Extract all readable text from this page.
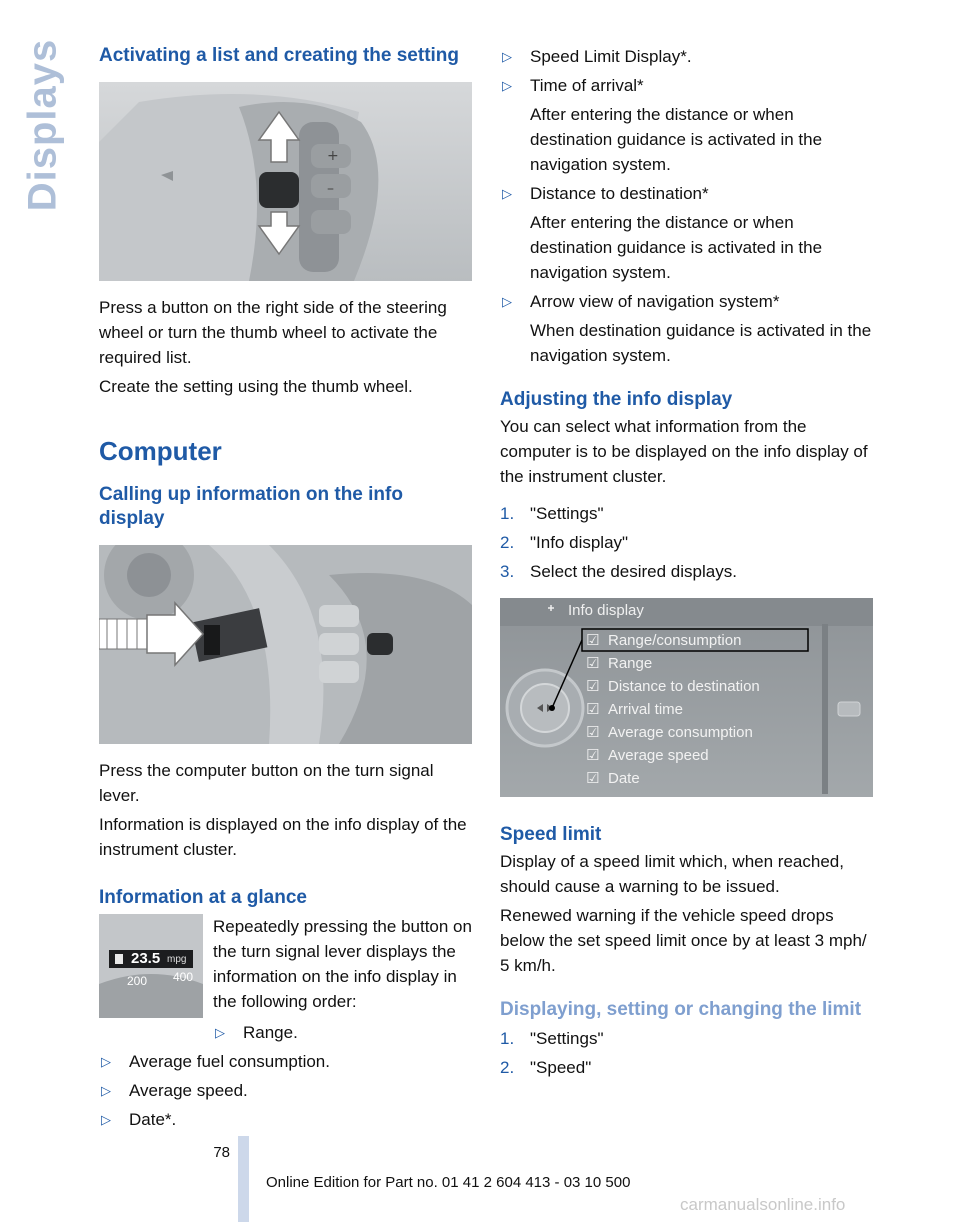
Displays Activating a list and creating the setting
+
–

Press a button on the right side of the steering wheel or turn the thumb wheel to activate the required list.

Create the setting using the thumb wheel.

Computer
Calling up information on the info display

Press the computer button on the turn signal lever.

Information is displayed on the info display of the instrument cluster.

Information at a glance
23.5 mpg
200 400

Repeatedly pressing the button on the turn signal lever displays the information on the info display in the following order:

▷ Range.
▷ Average fuel consumption.
▷ Average speed.
▷ Date*.
▷ Speed Limit Display*.
▷ Time of arrival*
After entering the distance or when destination guidance is activated in the navigation system.
▷ Distance to destination*
After entering the distance or when destination guidance is activated in the navigation system.
▷ Arrow view of navigation system*
When destination guidance is activated in the navigation system.
Adjusting the info display

You can select what information from the computer is to be displayed on the info display of the instrument cluster.

1. "Settings"
2. "Info display"
3. Select the desired displays.
Info display
☑ Range/consumption
☑ Range
☑ Distance to destination
☑ Arrival time
☑ Average consumption
☑ Average speed
☑ Date
Speed limit

Display of a speed limit which, when reached, should cause a warning to be issued.

Renewed warning if the vehicle speed drops below the set speed limit once by at least 3 mph/ 5 km/h.

Displaying, setting or changing the limit
1. "Settings"
2. "Speed"
78
Online Edition for Part no. 01 41 2 604 413 - 03 10 500
carmanualsonline.info
